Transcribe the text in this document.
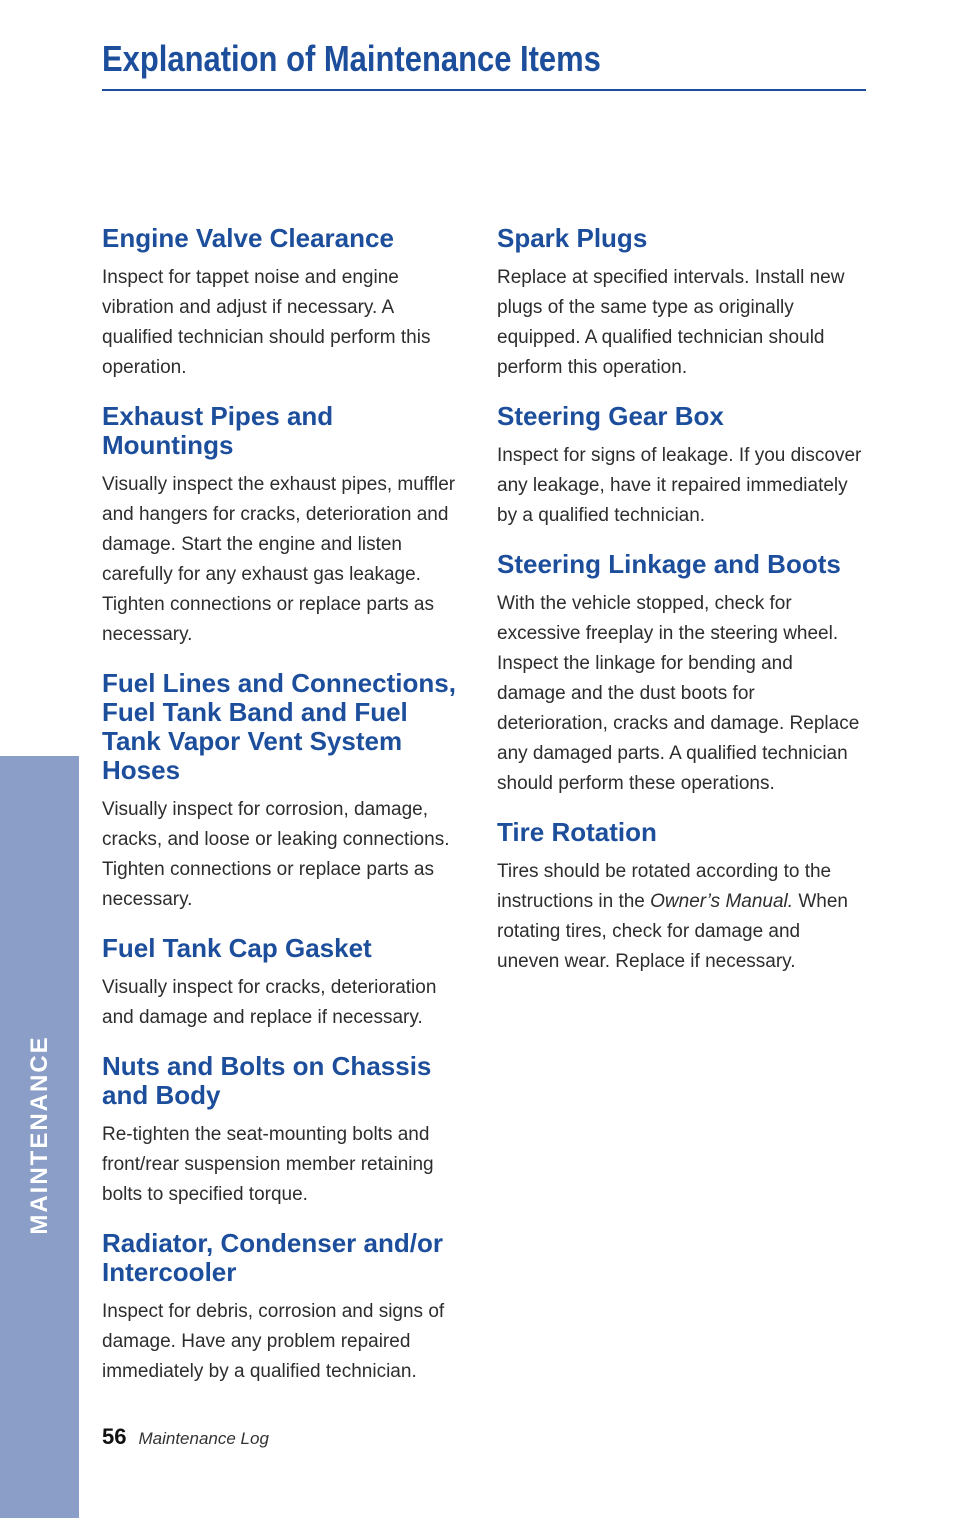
Explanation of Maintenance Items
MAINTENANCE
Engine Valve Clearance

Inspect for tappet noise and engine vibration and adjust if necessary. A qualified technician should perform this operation.

Exhaust Pipes and Mountings

Visually inspect the exhaust pipes, muffler and hangers for cracks, deterioration and damage. Start the engine and listen carefully for any exhaust gas leakage. Tighten connections or replace parts as necessary.

Fuel Lines and Connections, Fuel Tank Band and Fuel Tank Vapor Vent System Hoses

Visually inspect for corrosion, damage, cracks, and loose or leaking connections. Tighten connections or replace parts as necessary.

Fuel Tank Cap Gasket

Visually inspect for cracks, deterioration and damage and replace if necessary.

Nuts and Bolts on Chassis and Body

Re-tighten the seat-mounting bolts and front/rear suspension member retaining bolts to specified torque.

Radiator, Condenser and/or Intercooler

Inspect for debris, corrosion and signs of damage. Have any problem repaired immediately by a qualified technician.

Spark Plugs

Replace at specified intervals. Install new plugs of the same type as originally equipped. A qualified technician should perform this operation.

Steering Gear Box

Inspect for signs of leakage. If you discover any leakage, have it repaired immediately by a qualified technician.

Steering Linkage and Boots

With the vehicle stopped, check for excessive freeplay in the steering wheel. Inspect the linkage for bending and damage and the dust boots for deterioration, cracks and damage. Replace any damaged parts. A qualified technician should perform these operations.

Tire Rotation

Tires should be rotated according to the instructions in the Owner’s Manual. When rotating tires, check for damage and uneven wear. Replace if necessary.

56 Maintenance Log
